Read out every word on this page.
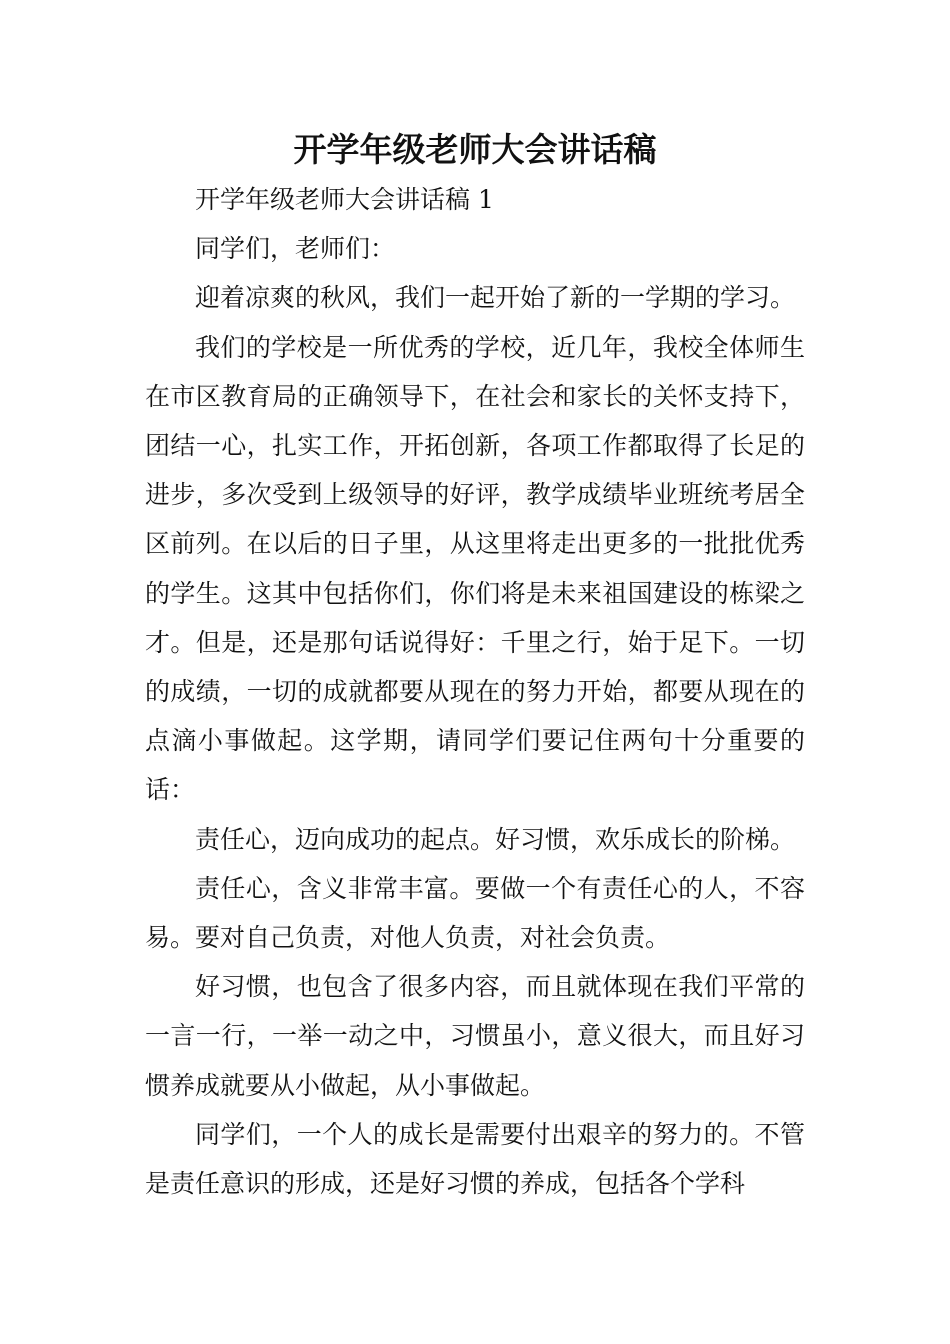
开学年级老师大会讲话稿

开学年级老师大会讲话稿 1

同学们，老师们：

迎着凉爽的秋风，我们一起开始了新的一学期的学习。

我们的学校是一所优秀的学校，近几年，我校全体师生在市区教育局的正确领导下，在社会和家长的关怀支持下，团结一心，扎实工作，开拓创新，各项工作都取得了长足的进步，多次受到上级领导的好评，教学成绩毕业班统考居全区前列。在以后的日子里，从这里将走出更多的一批批优秀的学生。这其中包括你们，你们将是未来祖国建设的栋梁之才。但是，还是那句话说得好：千里之行，始于足下。一切的成绩，一切的成就都要从现在的努力开始，都要从现在的点滴小事做起。这学期，请同学们要记住两句十分重要的话：

责任心，迈向成功的起点。好习惯，欢乐成长的阶梯。

责任心，含义非常丰富。要做一个有责任心的人，不容易。要对自己负责，对他人负责，对社会负责。

好习惯，也包含了很多内容，而且就体现在我们平常的一言一行，一举一动之中，习惯虽小，意义很大，而且好习惯养成就要从小做起，从小事做起。

同学们，一个人的成长是需要付出艰辛的努力的。不管是责任意识的形成，还是好习惯的养成，包括各个学科
